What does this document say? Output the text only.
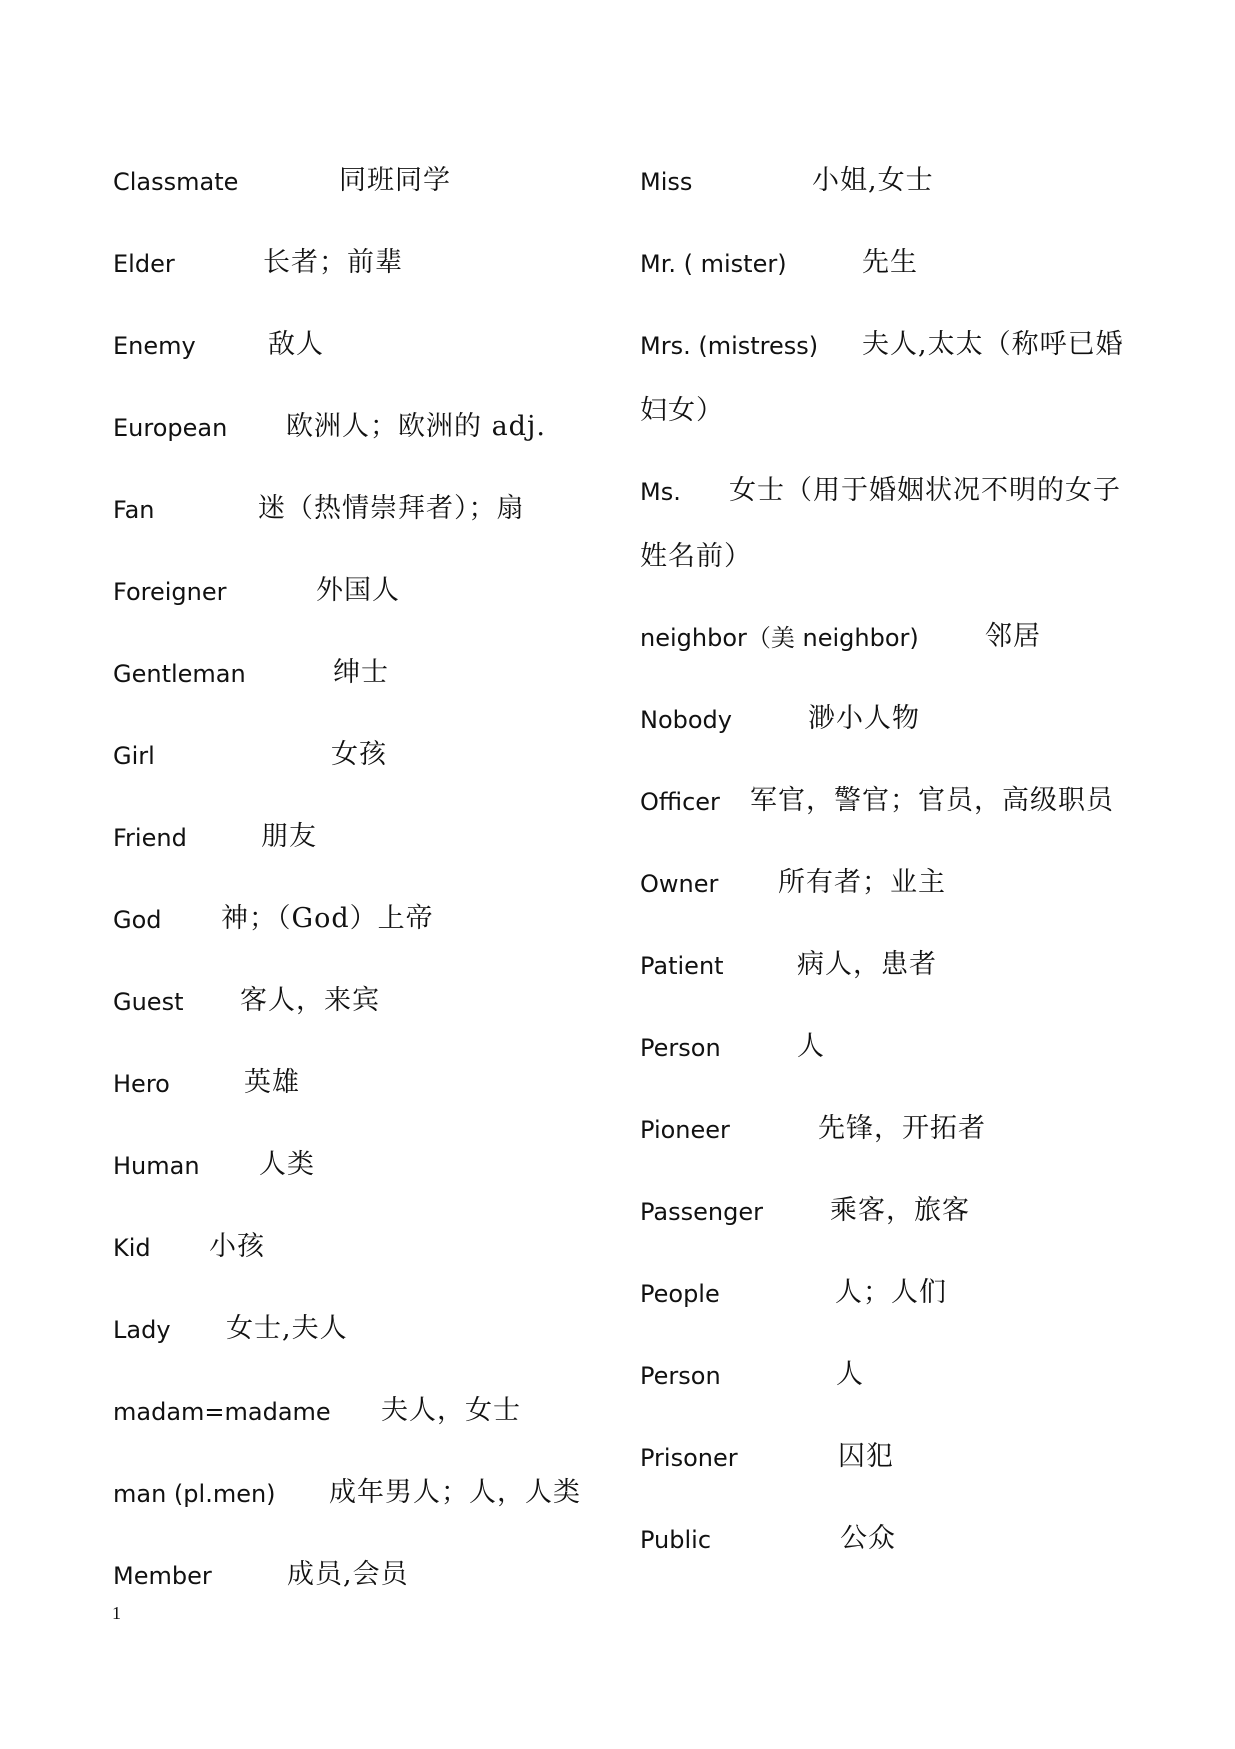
Classmate	同班同学
Elder	长者；前辈
Enemy	敌人
European 欧洲人；欧洲的 adj.
Fan	迷（热情崇拜者）；扇
Foreigner	外国人
Gentleman	绅士
Girl	女孩
Friend	朋友
God 神；（God）上帝
Guest 客人，来宾
Hero	英雄
Human 人类
Kid 小孩
Lady 女士,夫人
madam=madame 夫人，女士
man (pl.men) 成年男人；人，人类
Member	成员,会员
Miss	小姐,女士
Mr. ( mister)	先生
Mrs. (mistress) 夫人,太太（称呼已婚
妇女）
Ms. 女士（用于婚姻状况不明的女子
姓名前）
neighbor（美 neighbor) 邻居
Nobody	渺小人物
Officer 军官，警官；官员，高级职员
Owner 所有者；业主
Patient	病人，患者
Person	人
Pioneer	先锋，开拓者
Passenger 乘客，旅客
People	人；人们
Person	人
Prisoner	囚犯
Public	公众
1
